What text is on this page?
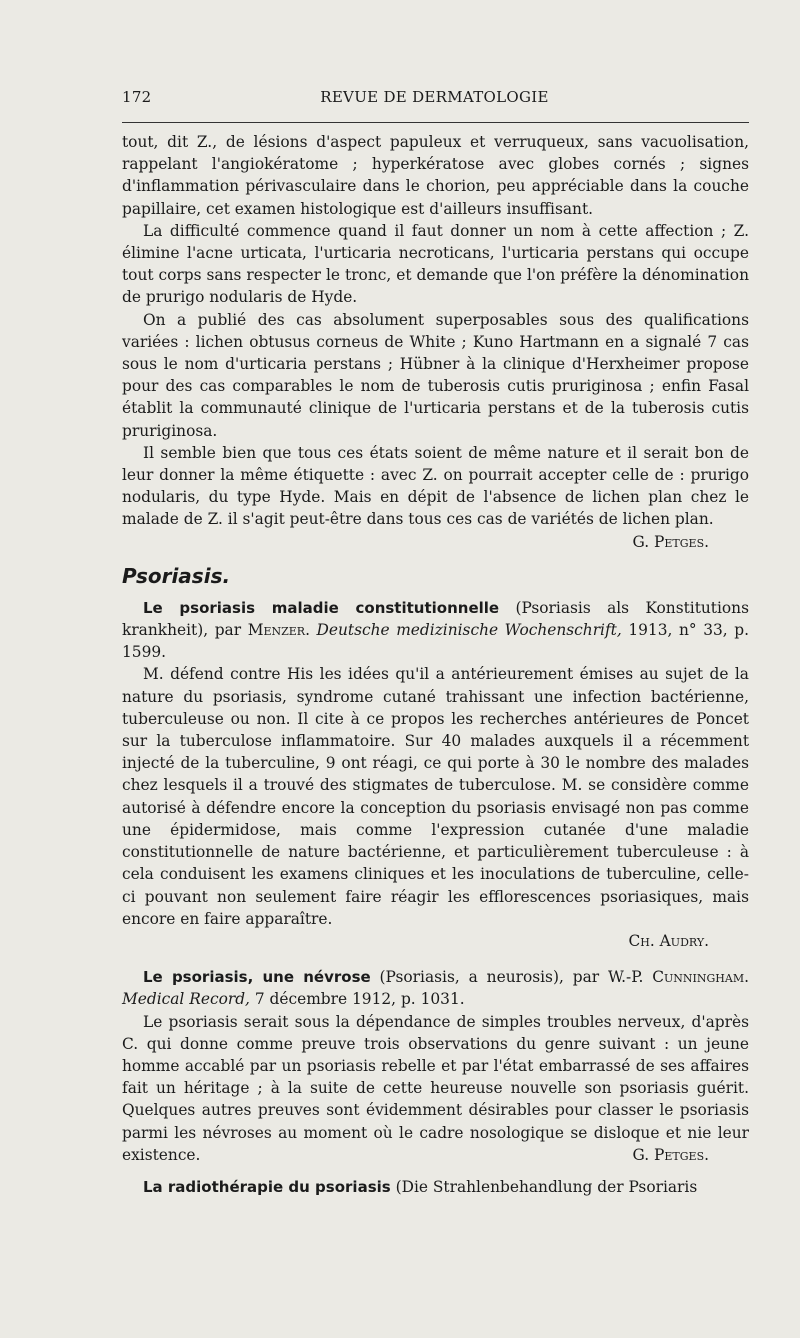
172	REVUE DE DERMATOLOGIE

tout, dit Z., de lésions d'aspect papuleux et verruqueux, sans vacuolisation, rappelant l'angiokératome ; hyperkératose avec globes cornés ; signes d'inflammation périvasculaire dans le chorion, peu appréciable dans la couche papillaire, cet examen histologique est d'ailleurs insuffisant.

La difficulté commence quand il faut donner un nom à cette affection ; Z. élimine l'acne urticata, l'urticaria necroticans, l'urticaria perstans qui occupe tout corps sans respecter le tronc, et demande que l'on préfère la dénomination de prurigo nodularis de Hyde.

On a publié des cas absolument superposables sous des qualifications variées : lichen obtusus corneus de White ; Kuno Hartmann en a signalé 7 cas sous le nom d'urticaria perstans ; Hübner à la clinique d'Herxheimer propose pour des cas comparables le nom de tuberosis cutis pruriginosa ; enfin Fasal établit la communauté clinique de l'urticaria perstans et de la tuberosis cutis pruriginosa.

Il semble bien que tous ces états soient de même nature et il serait bon de leur donner la même étiquette : avec Z. on pourrait accepter celle de : prurigo nodularis, du type Hyde. Mais en dépit de l'absence de lichen plan chez le malade de Z. il s'agit peut-être dans tous ces cas de variétés de lichen plan.
G. Petges.

Psoriasis.

Le psoriasis maladie constitutionnelle (Psoriasis als Konstitutions krankheit), par Menzer. Deutsche medizinische Wochenschrift, 1913, n° 33, p. 1599.

M. défend contre His les idées qu'il a antérieurement émises au sujet de la nature du psoriasis, syndrome cutané trahissant une infection bactérienne, tuberculeuse ou non. Il cite à ce propos les recherches antérieures de Poncet sur la tuberculose inflammatoire. Sur 40 malades auxquels il a récemment injecté de la tuberculine, 9 ont réagi, ce qui porte à 30 le nombre des malades chez lesquels il a trouvé des stigmates de tuberculose. M. se considère comme autorisé à défendre encore la conception du psoriasis envisagé non pas comme une épidermidose, mais comme l'expression cutanée d'une maladie constitutionnelle de nature bactérienne, et particulièrement tuberculeuse : à cela conduisent les examens cliniques et les inoculations de tuberculine, celle-ci pouvant non seulement faire réagir les efflorescences psoriasiques, mais encore en faire apparaître.

Ch. Audry.

Le psoriasis, une névrose (Psoriasis, a neurosis), par W.-P. Cunningham. Medical Record, 7 décembre 1912, p. 1031.

Le psoriasis serait sous la dépendance de simples troubles nerveux, d'après C. qui donne comme preuve trois observations du genre suivant : un jeune homme accablé par un psoriasis rebelle et par l'état embarrassé de ses affaires fait un héritage ; à la suite de cette heureuse nouvelle son psoriasis guérit. Quelques autres preuves sont évidemment désirables pour classer le psoriasis parmi les névroses au moment où le cadre nosologique se disloque et nie leur existence.	G. Petges.

La radiothérapie du psoriasis (Die Strahlenbehandlung der Psoriaris
